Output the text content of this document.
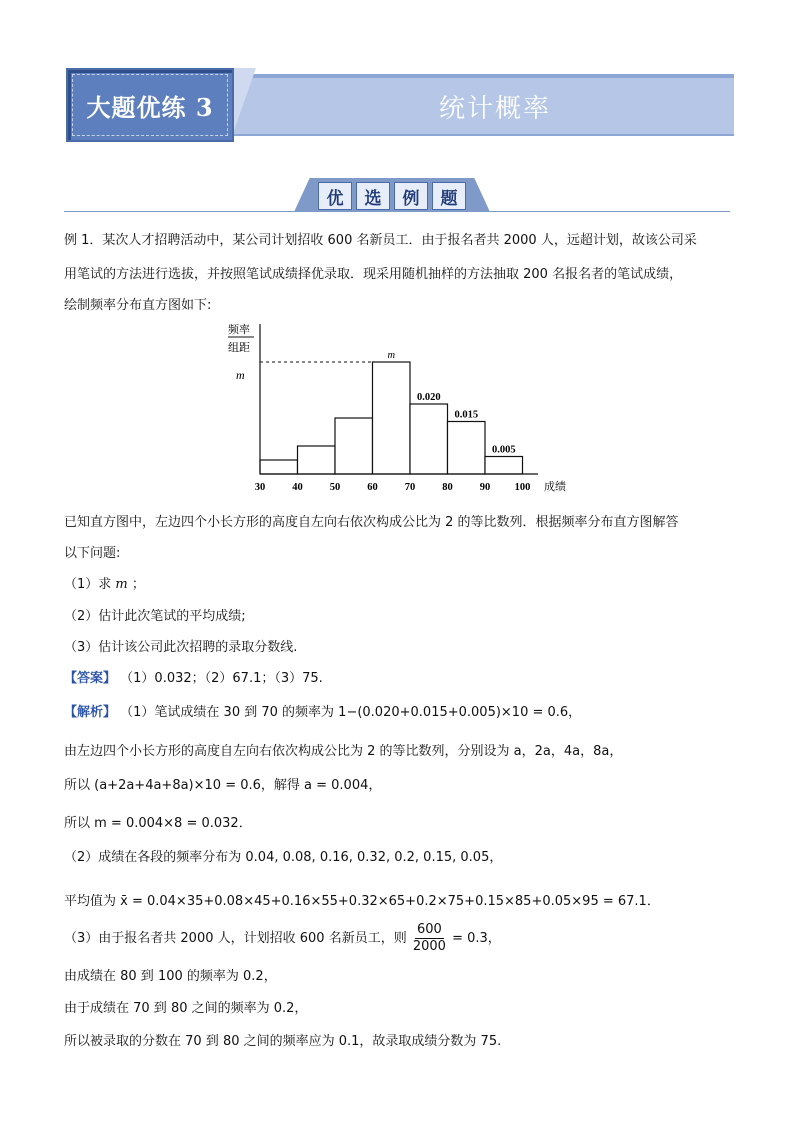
大题优练 3	统计概率
优	选	例	题
例 1．某次人才招聘活动中，某公司计划招收 600 名新员工．由于报名者共 2000 人，远超计划，故该公司采
用笔试的方法进行选拔，并按照笔试成绩择优录取．现采用随机抽样的方法抽取 200 名报名者的笔试成绩，
绘制频率分布直方图如下:
频率
组距
m
成绩
m
0.020
0.015
0.005
30	40	50	60	70	80	90 100
已知直方图中，左边四个小长方形的高度自左向右依次构成公比为 2 的等比数列．根据频率分布直方图解答
以下问题:
（1）求 m ；
（2）估计此次笔试的平均成绩;
（3）估计该公司此次招聘的录取分数线.
【答案】 （1）0.032；（2）67.1；（3）75.
【解析】 （1）笔试成绩在 30 到 70 的频率为 1−(0.020+0.015+0.005)×10 = 0.6，
由左边四个小长方形的高度自左向右依次构成公比为 2 的等比数列，分别设为 a，2a，4a，8a，
所以 (a+2a+4a+8a)×10 = 0.6，解得 a = 0.004，
所以 m = 0.004×8 = 0.032．
（2）成绩在各段的频率分布为 0.04, 0.08, 0.16, 0.32, 0.2, 0.15, 0.05，
平均值为 x̄ = 0.04×35+0.08×45+0.16×55+0.32×65+0.2×75+0.15×85+0.05×95 = 67.1．
（3）由于报名者共 2000 人，计划招收 600 名新员工，则 $\frac{600}{2000} = 0.3$，
由成绩在 80 到 100 的频率为 0.2，
由于成绩在 70 到 80 之间的频率为 0.2，
所以被录取的分数在 70 到 80 之间的频率应为 0.1，故录取成绩分数为 75.
